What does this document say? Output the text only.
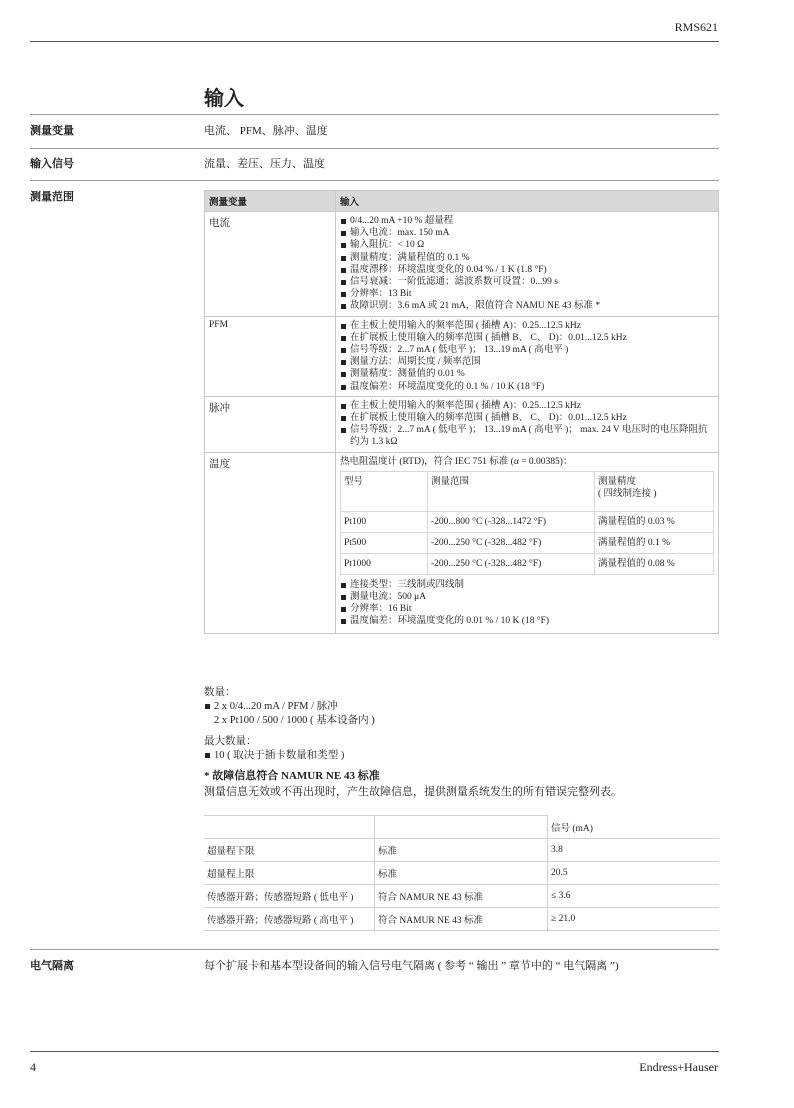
RMS621
输入
测量变量	电流、 PFM、脉冲、温度
输入信号	流量、差压、压力、温度
测量范围	测量变量	输入
电流	0/4...20 mA +10 % 超量程
输入电流：max. 150 mA
输入阻抗：< 10 Ω
测量精度：满量程值的 0.1 %
温度漂移：环境温度变化的 0.04 % / 1 K (1.8 °F)
信号衰减：一阶低滤通；滤波系数可设置：0...99 s
分辨率：13 Bit
故障识别：3.6 mA 或 21 mA，限值符合 NAMU NE 43 标准 *

PFM	在主板上使用输入的频率范围 ( 插槽 A)：0.25...12.5 kHz
在扩展板上使用输入的频率范围 ( 插槽 B、 C、 D)：0.01...12.5 kHz
信号等级：2...7 mA ( 低电平 )； 13...19 mA ( 高电平 )
测量方法：周期长度 / 频率范围
测量精度：测量值的 0.01 %
温度偏差：环境温度变化的 0.1 % / 10 K (18 °F)

脉冲	在主板上使用输入的频率范围 ( 插槽 A)：0.25...12.5 kHz
在扩展板上使用输入的频率范围 ( 插槽 B、 C、 D)：0.01...12.5 kHz
信号等级：2...7 mA ( 低电平 )； 13...19 mA ( 高电平 )； max. 24 V 电压时的电压降阻抗约为 1.3 kΩ

温度	热电阻温度计 (RTD)，符合 IEC 751 标准 (α = 0.00385)：
型号	测量范围	测量精度
( 四线制连接 )
Pt100	-200...800 °C (-328...1472 °F)	满量程值的 0.03 %
Pt500	-200...250 °C (-328...482 °F)	满量程值的 0.1 %
Pt1000	-200...250 °C (-328...482 °F)	满量程值的 0.08 %
连接类型：三线制或四线制
测量电流：500 μA
分辨率：16 Bit
温度偏差：环境温度变化的 0.01 % / 10 K (18 °F)
数量：
2 x 0/4...20 mA / PFM / 脉冲
2 x Pt100 / 500 / 1000 ( 基本设备内 )
最大数量：
10 ( 取决于插卡数量和类型 )
* 故障信息符合 NAMUR NE 43 标准
测量信息无效或不再出现时，产生故障信息，提供测量系统发生的所有错误完整列表。
		信号 (mA)
超量程下限	标准	3.8
超量程上限	标准	20.5
传感器开路；传感器短路 ( 低电平 )	符合 NAMUR NE 43 标准	≤ 3.6
传感器开路；传感器短路 ( 高电平 )	符合 NAMUR NE 43 标准	≥ 21.0
电气隔离	每个扩展卡和基本型设备间的输入信号电气隔离 ( 参考 “ 输出 ” 章节中的 “ 电气隔离 ”)
4	Endress+Hauser
